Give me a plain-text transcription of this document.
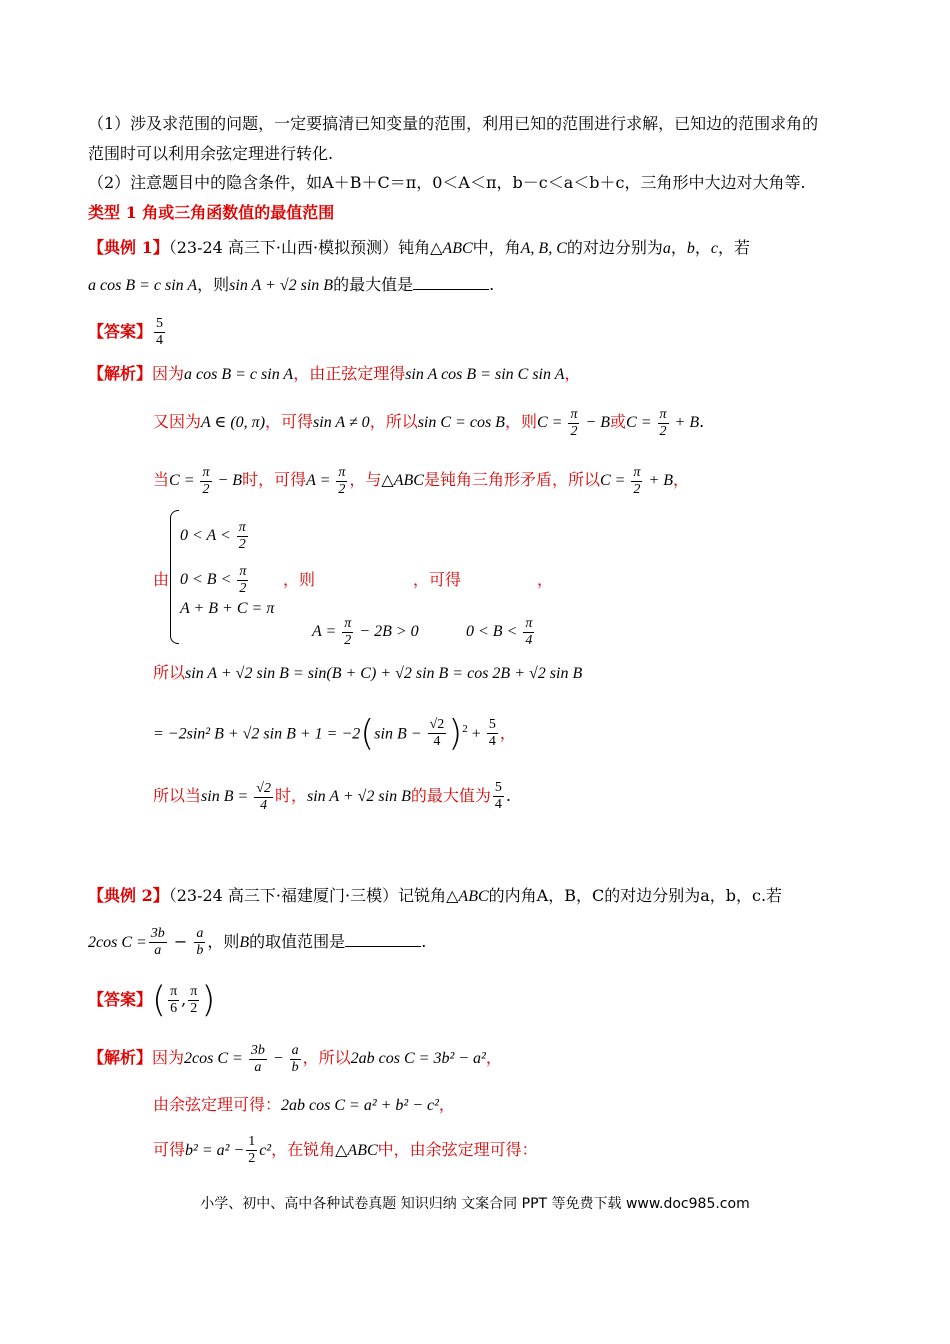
（1）涉及求范围的问题，一定要搞清已知变量的范围，利用已知的范围进行求解，已知边的范围求角的
范围时可以利用余弦定理进行转化.
（2）注意题目中的隐含条件，如A＋B＋C＝π，0＜A＜π，b－c＜a＜b＋c，三角形中大边对大角等.
类型 1 角或三角函数值的最值范围
【典例 1】（23-24 高三下·山西·模拟预测）钝角△ABC中，角A, B, C的对边分别为a，b，c，若
a cos B = c sin A，则sin A + √2 sin B的最大值是	.
【答案】 $\frac{5}{4}$
【解析】因为a cos B = c sin A，由正弦定理得sin A cos B = sin C sin A，
又因为A ∈ (0, π)，可得sin A ≠ 0，所以sin C = cos B，则$C = \frac{\pi}{2} - B$或$C = \frac{\pi}{2} + B$.
当$C = \frac{\pi}{2} - B$时，可得$A = \frac{\pi}{2}$ ，与△ABC是钝角三角形矛盾，所以$C = \frac{\pi}{2} + B$，
$0 < A < \frac{\pi}{2}$
$0 < B < \frac{\pi}{2}$
A + B + C = π
由	，则	，可得	，
$A = \frac{\pi}{2} - 2B > 0$	$0 < B < \frac{\pi}{4}$
所以sin A + √2 sin B = sin(B + C) + √2 sin B = cos 2B + √2 sin B
= −2sin² B + √2 sin B + 1 = −2(sin $B - \frac{√2}{4} )^2 + \frac{5}{4}$ ，
所以当$\sin B = \frac{√2}{4}$ 时，sin A + √2 sin B的最大值为 $\frac{5}{4}$ .
【典例 2】（23-24 高三下·福建厦门·三模）记锐角△ABC的内角A，B，C的对边分别为a，b，c.若
2cos $C = \frac{3b}{a} - \frac{a}{b}$ ，则B的取值范围是	.
【答案】( $\frac{\pi}{6}$ , $\frac{\pi}{2}$ )
【解析】因为2cos $C = \frac{3b}{a} - \frac{a}{b}$ ，所以2ab cos C = 3b² − a²，
由余弦定理可得：2ab cos C = a² + b² − c²，
可得$b^2 = a^2 - \frac{1}{2} c^2$，在锐角△ABC中，由余弦定理可得：
小学、初中、高中各种试卷真题 知识归纳 文案合同 PPT 等免费下载 www.doc985.com
